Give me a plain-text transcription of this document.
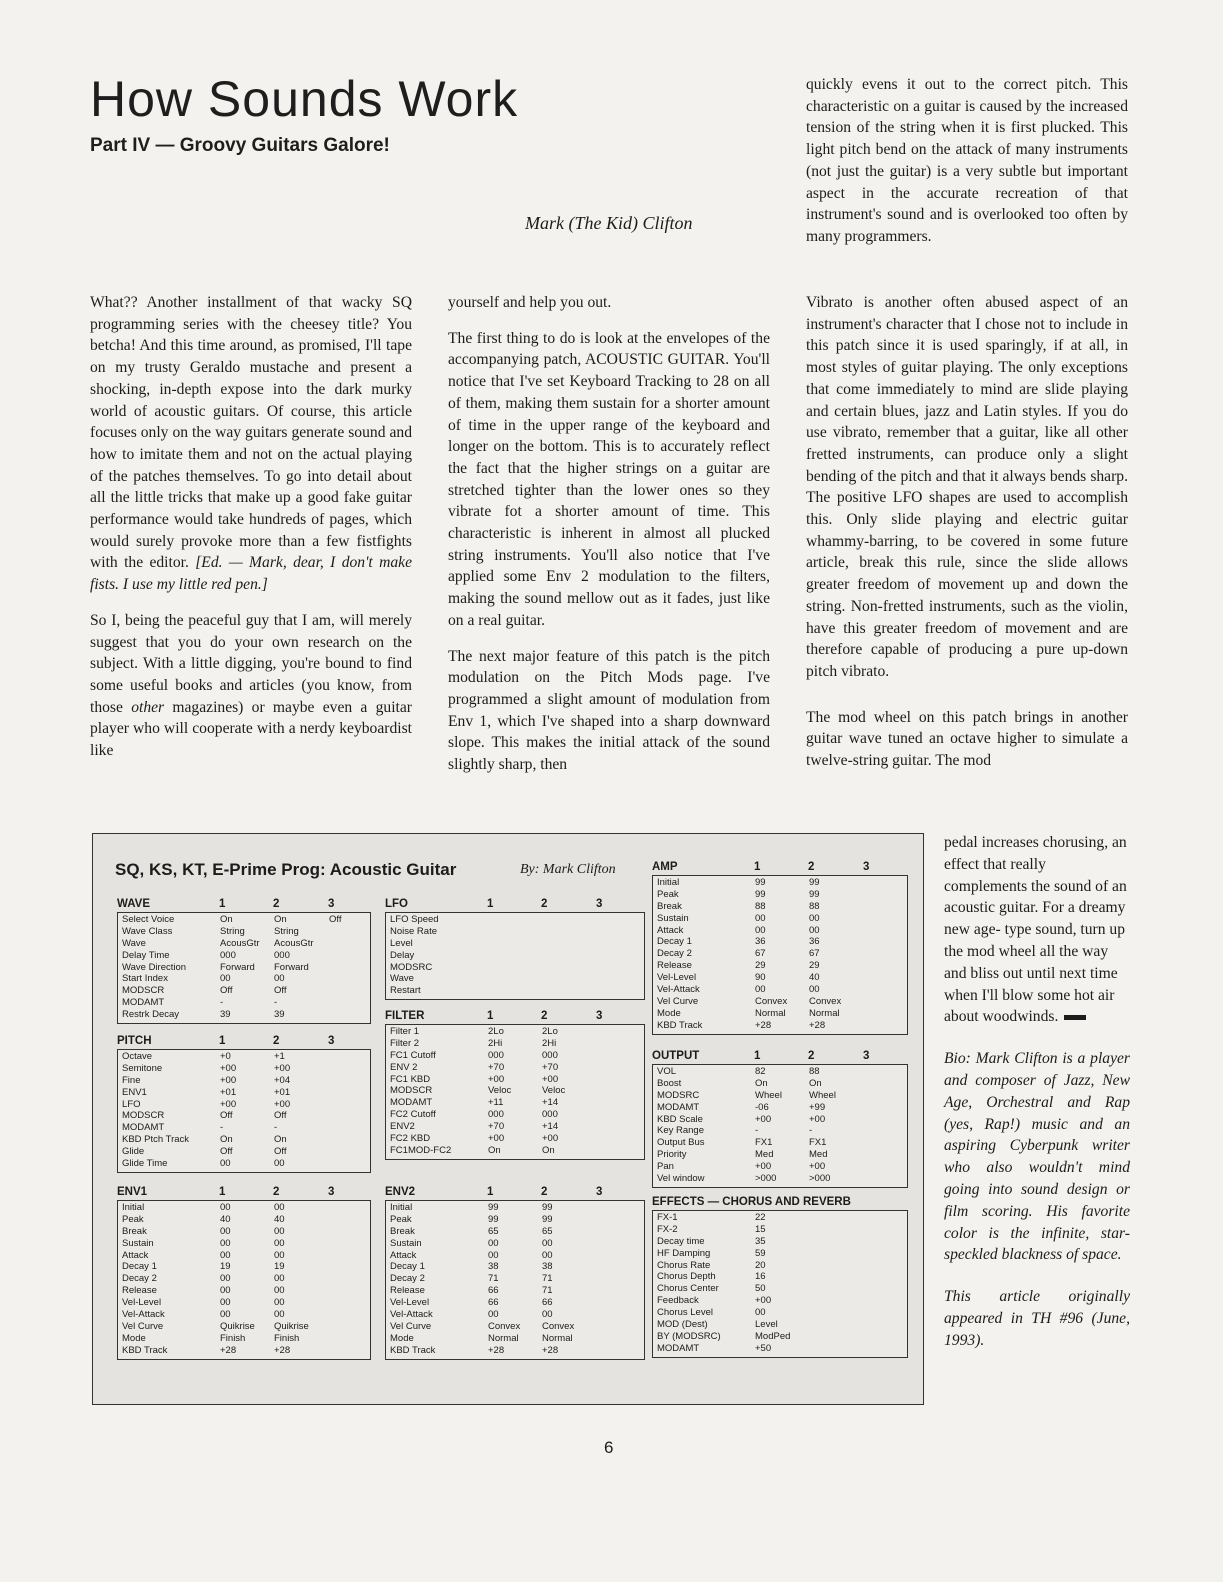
How Sounds Work
Part IV — Groovy Guitars Galore!
Mark (The Kid) Clifton

What?? Another installment of that wacky SQ programming series with the cheesey title? You betcha! And this time around, as promised, I'll tape on my trusty Geraldo mustache and present a shocking, in-depth expose into the dark murky world of acoustic guitars. Of course, this article focuses only on the way guitars generate sound and how to imitate them and not on the actual playing of the patches themselves. To go into detail about all the little tricks that make up a good fake guitar performance would take hundreds of pages, which would surely provoke more than a few fistfights with the editor. [Ed. — Mark, dear, I don't make fists. I use my little red pen.]

So I, being the peaceful guy that I am, will merely suggest that you do your own research on the subject. With a little digging, you're bound to find some useful books and articles (you know, from those other magazines) or maybe even a guitar player who will cooperate with a nerdy keyboardist like

yourself and help you out.

The first thing to do is look at the envelopes of the accompanying patch, ACOUSTIC GUITAR. You'll notice that I've set Keyboard Tracking to 28 on all of them, making them sustain for a shorter amount of time in the upper range of the keyboard and longer on the bottom. This is to accurately reflect the fact that the higher strings on a guitar are stretched tighter than the lower ones so they vibrate fot a shorter amount of time. This characteristic is inherent in almost all plucked string instruments. You'll also notice that I've applied some Env 2 modulation to the filters, making the sound mellow out as it fades, just like on a real guitar.

The next major feature of this patch is the pitch modulation on the Pitch Mods page. I've programmed a slight amount of modulation from Env 1, which I've shaped into a sharp downward slope. This makes the initial attack of the sound slightly sharp, then

quickly evens it out to the correct pitch. This characteristic on a guitar is caused by the increased tension of the string when it is first plucked. This light pitch bend on the attack of many instruments (not just the guitar) is a very subtle but important aspect in the accurate recreation of that instrument's sound and is overlooked too often by many programmers.

Vibrato is another often abused aspect of an instrument's character that I chose not to include in this patch since it is used sparingly, if at all, in most styles of guitar playing. The only exceptions that come immediately to mind are slide playing and certain blues, jazz and Latin styles. If you do use vibrato, remember that a guitar, like all other fretted instruments, can produce only a slight bending of the pitch and that it always bends sharp. The positive LFO shapes are used to accomplish this. Only slide playing and electric guitar whammy-barring, to be covered in some future article, break this rule, since the slide allows greater freedom of movement up and down the string. Non-fretted instruments, such as the violin, have this greater freedom of movement and are therefore capable of producing a pure up-down pitch vibrato.

The mod wheel on this patch brings in another guitar wave tuned an octave higher to simulate a twelve-string guitar. The mod

pedal increases chorusing, an effect that really complements the sound of an acoustic guitar. For a dreamy new age- type sound, turn up the mod wheel all the way and bliss out until next time when I'll blow some hot air about woodwinds.

Bio: Mark Clifton is a player and composer of Jazz, New Age, Orchestral and Rap (yes, Rap!) music and an aspiring Cyberpunk writer who also wouldn't mind going into sound design or film scoring. His favorite color is the infinite, star-speckled blackness of space.

This article originally appeared in TH #96 (June, 1993).

SQ, KS, KT, E-Prime Prog: Acoustic Guitar	By: Mark Clifton
WAVE	1	2	3
Select Voice	On	On	Off
Wave Class	String	String
Wave	AcousGtr AcousGtr
Delay Time	000	000
Wave Direction	Forward Forward
Start Index	00	00
MODSCR	Off	Off
MODAMT	-	-
Restrk Decay	39	39
PITCH	1	2	3
Octave	+0	+1
Semitone	+00	+00
Fine	+00	+04
ENV1	+01	+01
LFO	+00	+00
MODSCR	Off	Off
MODAMT	-	-
KBD Ptch Track	On	On
Glide	Off	Off
Glide Time	00	00
ENV1	1	2	3
Initial	00	00
Peak	40	40
Break	00	00
Sustain	00	00
Attack	00	00
Decay 1	19	19
Decay 2	00	00
Release	00	00
Vel-Level	00	00
Vel-Attack	00	00
Vel Curve	Quikrise Quikrise
Mode	Finish	Finish
KBD Track	+28	+28
LFO	1	2	3
LFO Speed
Noise Rate
Level
Delay
MODSRC
Wave
Restart
FILTER	1	2	3
Filter 1	2Lo	2Lo
Filter 2	2Hi	2Hi
FC1 Cutoff	000	000
ENV 2	+70	+70
FC1 KBD	+00	+00
MODSCR	Veloc	Veloc
MODAMT	+11	+14
FC2 Cutoff	000	000
ENV2	+70	+14
FC2 KBD	+00	+00
FC1MOD-FC2	On	On
ENV2	1	2	3
Initial	99	99
Peak	99	99
Break	65	65
Sustain	00	00
Attack	00	00
Decay 1	38	38
Decay 2	71	71
Release	66	71
Vel-Level	66	66
Vel-Attack	00	00
Vel Curve	Convex Convex
Mode	Normal Normal
KBD Track	+28	+28
AMP	1	2	3
Initial	99	99
Peak	99	99
Break	88	88
Sustain	00	00
Attack	00	00
Decay 1	36	36
Decay 2	67	67
Release	29	29
Vel-Level	90	40
Vel-Attack	00	00
Vel Curve	Convex Convex
Mode	Normal Normal
KBD Track	+28	+28
OUTPUT	1	2	3
VOL	82	88
Boost	On	On
MODSRC	Wheel	Wheel
MODAMT	-06	+99
KBD Scale	+00	+00
Key Range	-	-
Output Bus	FX1	FX1
Priority	Med	Med
Pan	+00	+00
Vel window	>000	>000
EFFECTS — CHORUS AND REVERB
FX-1	22
FX-2	15
Decay time	35
HF Damping	59
Chorus Rate	20
Chorus Depth	16
Chorus Center	50
Feedback	+00
Chorus Level	00
MOD (Dest)	Level
BY (MODSRC)	ModPed
MODAMT	+50
6
